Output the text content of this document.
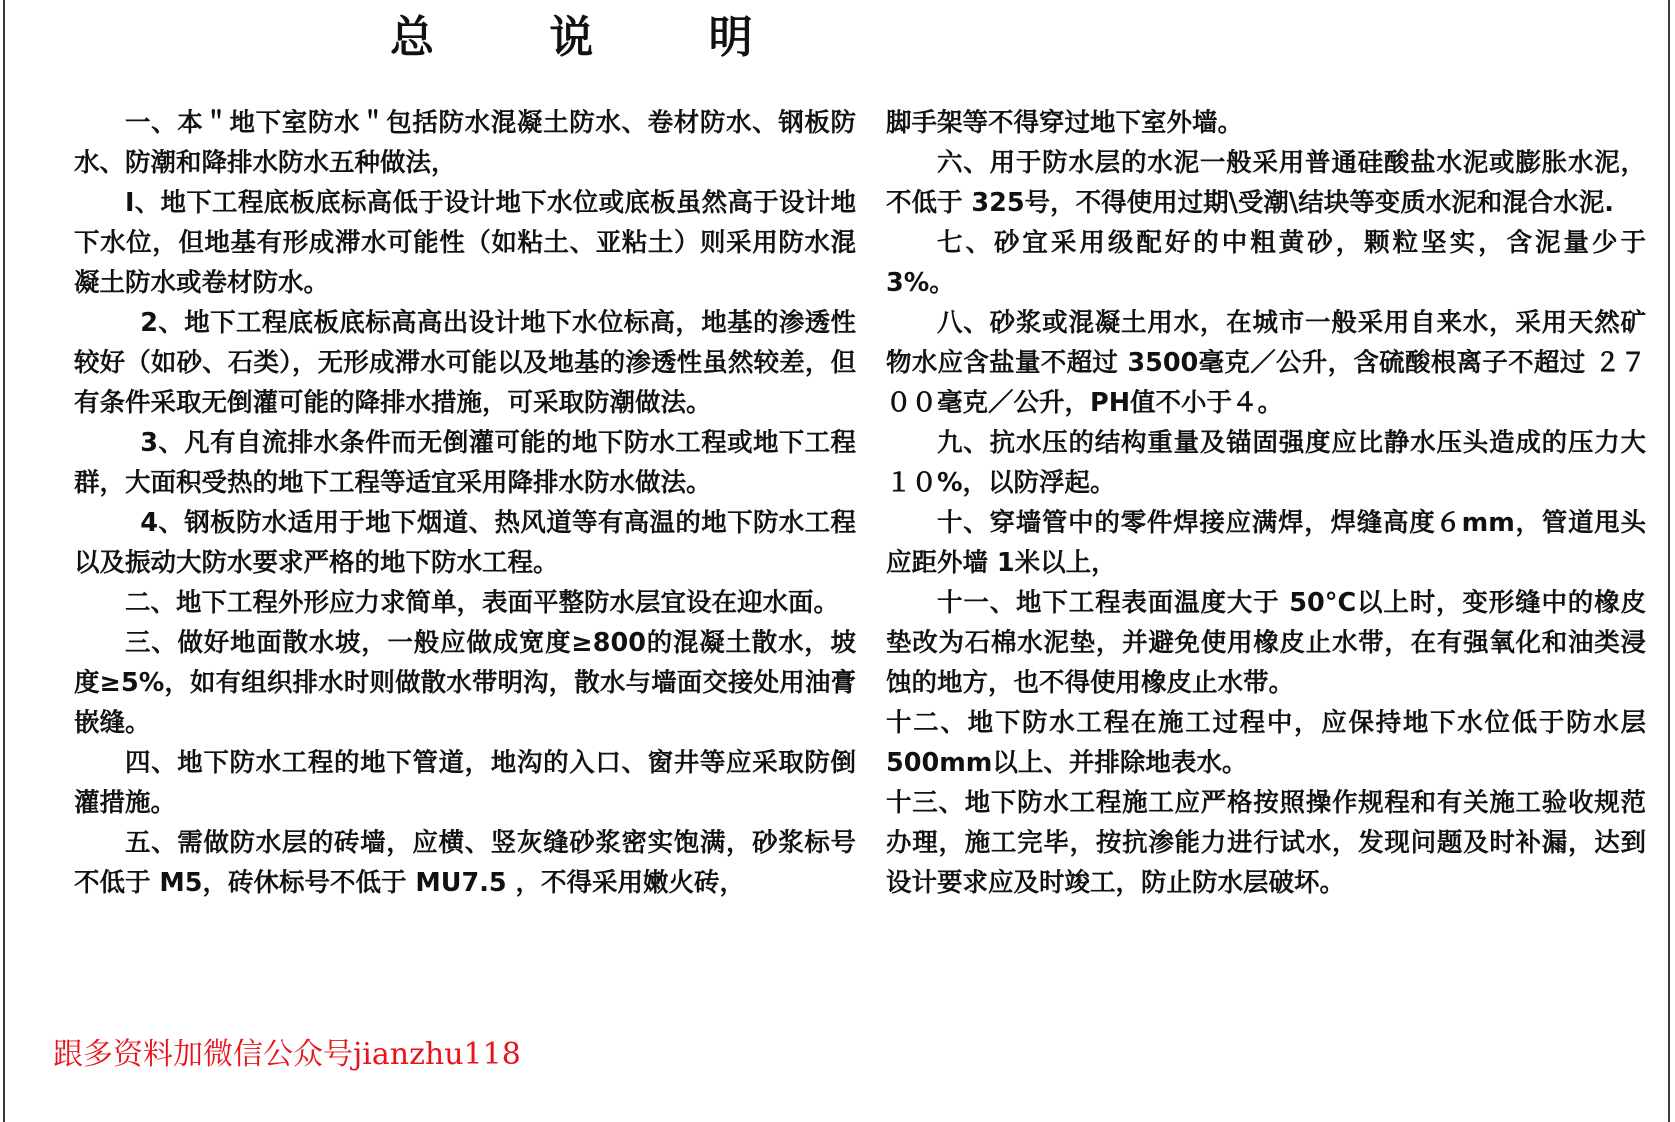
总 说 明

一、本＂地下室防水＂包括防水混凝土防水、卷材防水、钢板防水、防潮和降排水防水五种做法，

Ⅰ、地下工程底板底标高低于设计地下水位或底板虽然高于设计地下水位，但地基有形成滞水可能性（如粘土、亚粘土）则采用防水混凝土防水或卷材防水。

2、地下工程底板底标高高出设计地下水位标高，地基的渗透性较好（如砂、石类），无形成滞水可能以及地基的渗透性虽然较差，但有条件采取无倒灌可能的降排水措施，可采取防潮做法。

3、凡有自流排水条件而无倒灌可能的地下防水工程或地下工程群，大面积受热的地下工程等适宜采用降排水防水做法。

4、钢板防水适用于地下烟道、热风道等有高温的地下防水工程以及振动大防水要求严格的地下防水工程。

二、地下工程外形应力求简单，表面平整防水层宜设在迎水面。

三、做好地面散水坡，一般应做成宽度≥800的混凝土散水，坡度≥5%，如有组织排水时则做散水带明沟，散水与墙面交接处用油膏嵌缝。

四、地下防水工程的地下管道，地沟的入口、窗井等应采取防倒灌措施。

五、需做防水层的砖墙，应横、竖灰缝砂浆密实饱满，砂浆标号不低于 M5，砖休标号不低于 MU7.5 ，不得采用嫩火砖，

脚手架等不得穿过地下室外墙。

六、用于防水层的水泥一般采用普通硅酸盐水泥或膨胀水泥，不低于 325号，不得使用过期\受潮\结块等变质水泥和混合水泥.

七、砂宜采用级配好的中粗黄砂，颗粒坚实，含泥量少于 3%。

八、砂浆或混凝土用水，在城市一般采用自来水，采用天然矿物水应含盐量不超过 3500毫克／公升，含硫酸根离子不超过 ２７００毫克／公升，PH值不小于４。

九、抗水压的结构重量及锚固强度应比静水压头造成的压力大１０%，以防浮起。

十、穿墙管中的零件焊接应满焊，焊缝高度６mm，管道甩头应距外墙 1米以上，

十一、地下工程表面温度大于 50°C以上时，变形缝中的橡皮垫改为石棉水泥垫，并避免使用橡皮止水带，在有强氧化和油类浸蚀的地方，也不得使用橡皮止水带。

十二、地下防水工程在施工过程中，应保持地下水位低于防水层 500mm以上、并排除地表水。

十三、地下防水工程施工应严格按照操作规程和有关施工验收规范办理，施工完毕，按抗渗能力进行试水，发现问题及时补漏，达到设计要求应及时竣工，防止防水层破坏。

跟多资料加微信公众号jianzhu118
